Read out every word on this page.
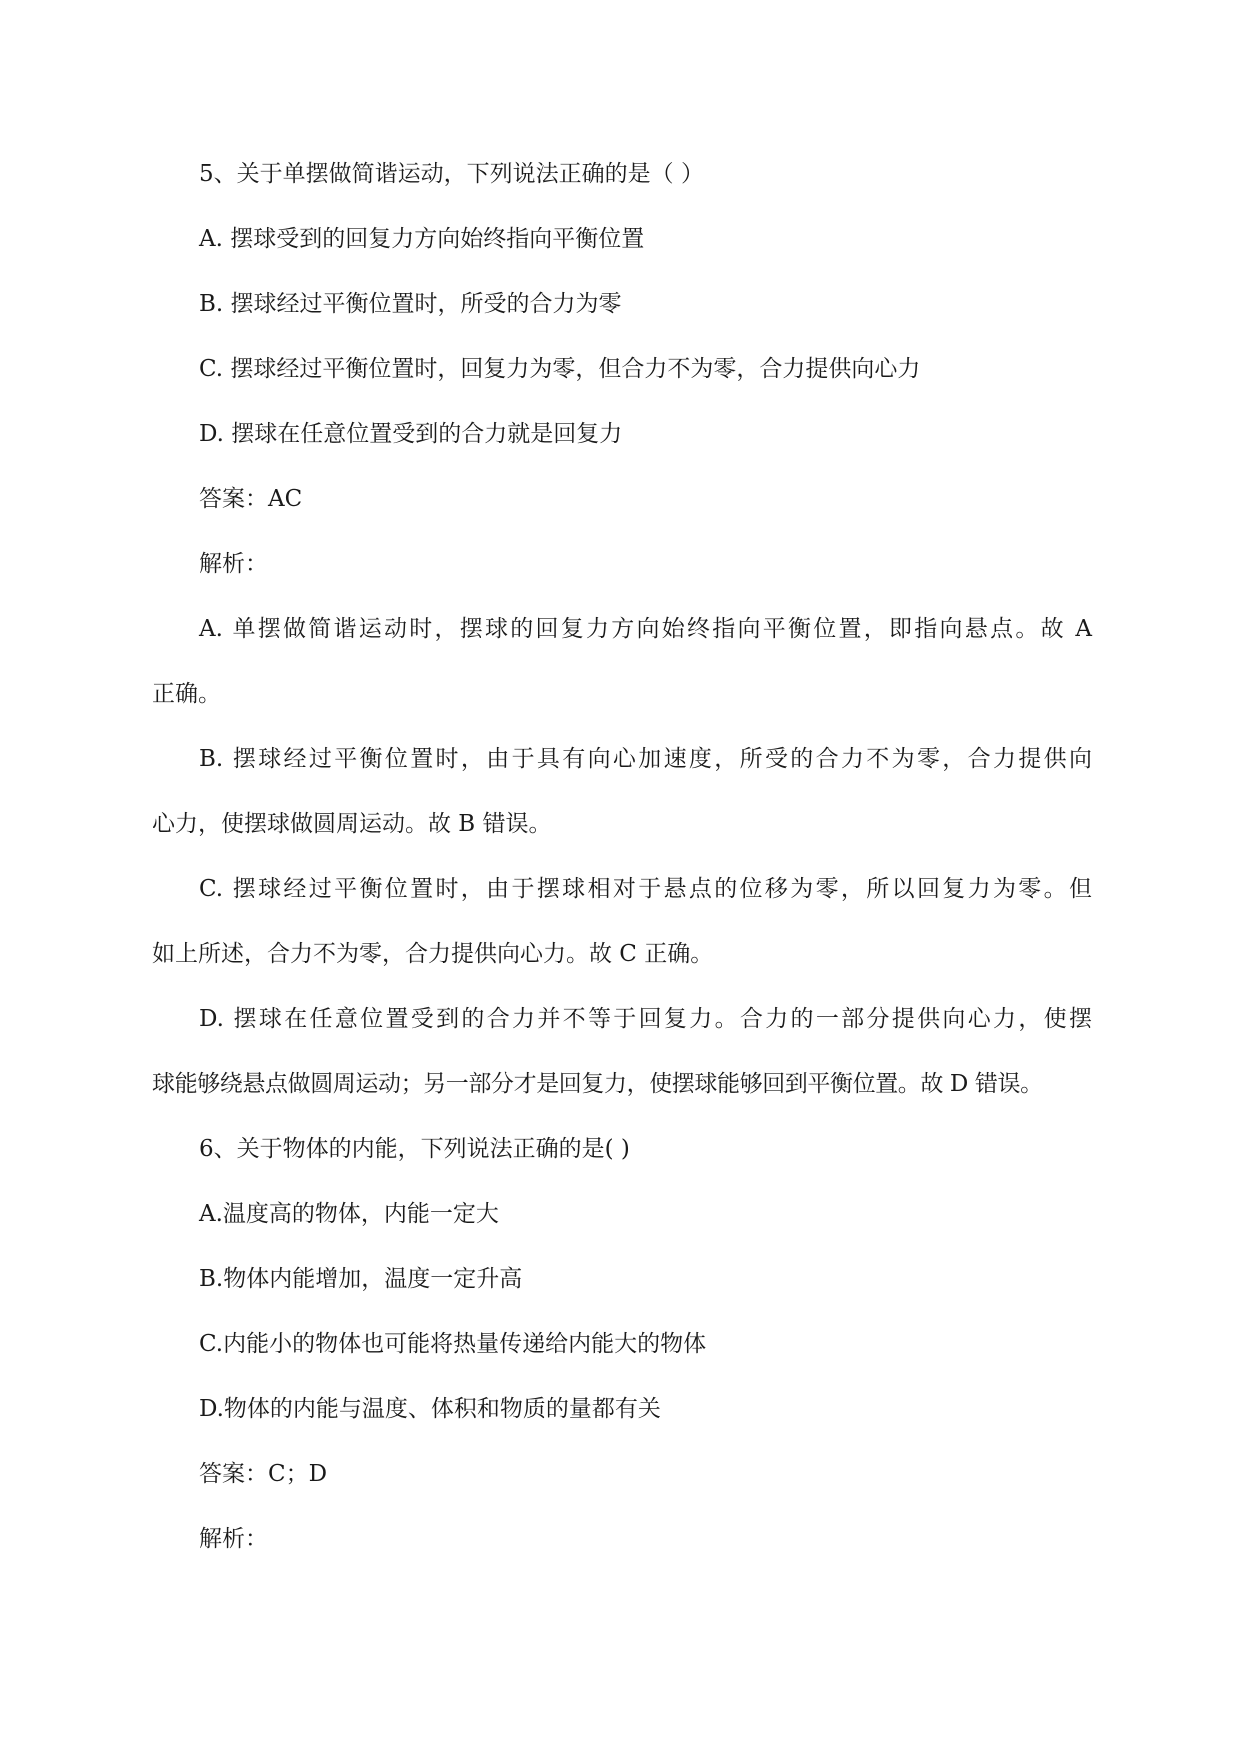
5、关于单摆做简谐运动，下列说法正确的是（ ）
A. 摆球受到的回复力方向始终指向平衡位置
B. 摆球经过平衡位置时，所受的合力为零
C. 摆球经过平衡位置时，回复力为零，但合力不为零，合力提供向心力
D. 摆球在任意位置受到的合力就是回复力
答案：AC
解析：
A. 单摆做简谐运动时，摆球的回复力方向始终指向平衡位置，即指向悬点。故 A
正确。
B. 摆球经过平衡位置时，由于具有向心加速度，所受的合力不为零，合力提供向
心力，使摆球做圆周运动。故 B 错误。
C. 摆球经过平衡位置时，由于摆球相对于悬点的位移为零，所以回复力为零。但
如上所述，合力不为零，合力提供向心力。故 C 正确。
D. 摆球在任意位置受到的合力并不等于回复力。合力的一部分提供向心力，使摆
球能够绕悬点做圆周运动；另一部分才是回复力，使摆球能够回到平衡位置。故 D 错误。
6、关于物体的内能，下列说法正确的是( )
A.温度高的物体，内能一定大
B.物体内能增加，温度一定升高
C.内能小的物体也可能将热量传递给内能大的物体
D.物体的内能与温度、体积和物质的量都有关
答案：C；D
解析：
